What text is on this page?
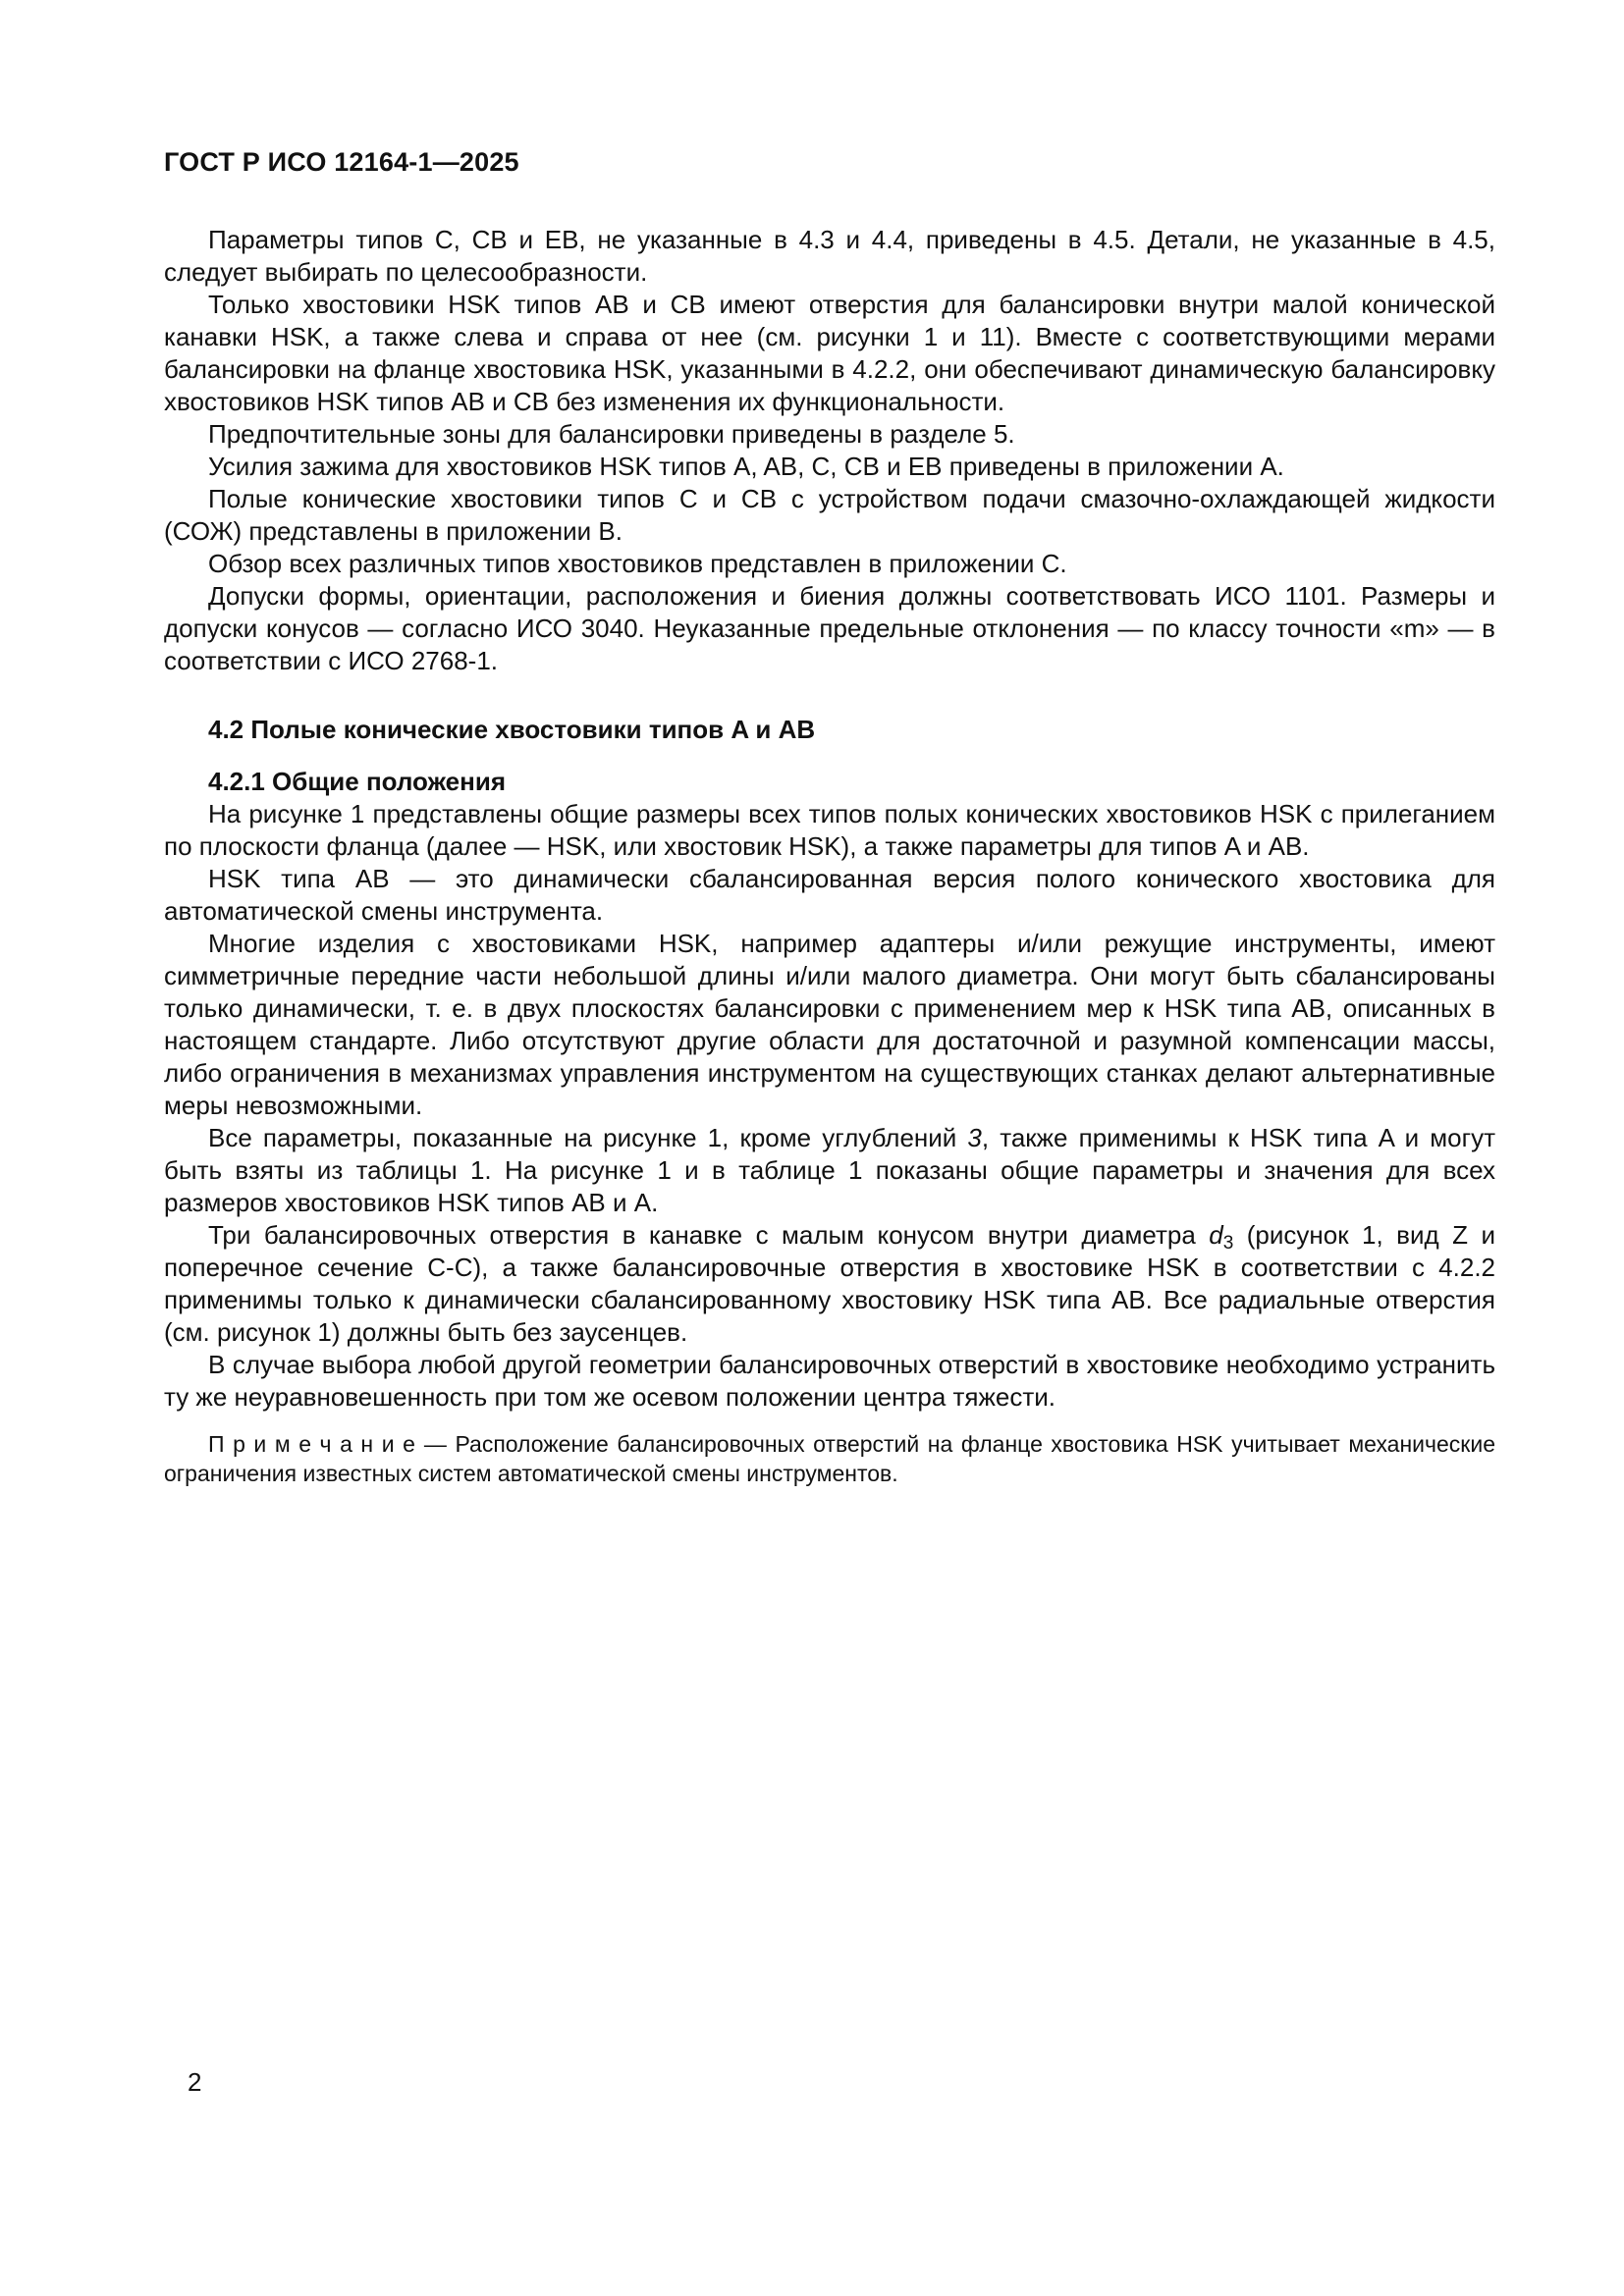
ГОСТ Р ИСО 12164-1—2025

Параметры типов C, CB и EB, не указанные в 4.3 и 4.4, приведены в 4.5. Детали, не указанные в 4.5, следует выбирать по целесообразности.

Только хвостовики HSK типов AB и CB имеют отверстия для балансировки внутри малой конической канавки HSK, а также слева и справа от нее (см. рисунки 1 и 11). Вместе с соответствующими мерами балансировки на фланце хвостовика HSK, указанными в 4.2.2, они обеспечивают динамическую балансировку хвостовиков HSK типов AB и CB без изменения их функциональности.

Предпочтительные зоны для балансировки приведены в разделе 5.

Усилия зажима для хвостовиков HSK типов A, AB, C, CB и EB приведены в приложении A.

Полые конические хвостовики типов C и CB с устройством подачи смазочно-охлаждающей жидкости (СОЖ) представлены в приложении B.

Обзор всех различных типов хвостовиков представлен в приложении C.

Допуски формы, ориентации, расположения и биения должны соответствовать ИСО 1101. Размеры и допуски конусов — согласно ИСО 3040. Неуказанные предельные отклонения — по классу точности «m» — в соответствии с ИСО 2768-1.

4.2 Полые конические хвостовики типов A и AB
4.2.1 Общие положения

На рисунке 1 представлены общие размеры всех типов полых конических хвостовиков HSK с прилеганием по плоскости фланца (далее — HSK, или хвостовик HSK), а также параметры для типов A и AB.

HSK типа AB — это динамически сбалансированная версия полого конического хвостовика для автоматической смены инструмента.

Многие изделия с хвостовиками HSK, например адаптеры и/или режущие инструменты, имеют симметричные передние части небольшой длины и/или малого диаметра. Они могут быть сбалансированы только динамически, т. е. в двух плоскостях балансировки с применением мер к HSK типа AB, описанных в настоящем стандарте. Либо отсутствуют другие области для достаточной и разумной компенсации массы, либо ограничения в механизмах управления инструментом на существующих станках делают альтернативные меры невозможными.

Все параметры, показанные на рисунке 1, кроме углублений 3, также применимы к HSK типа A и могут быть взяты из таблицы 1. На рисунке 1 и в таблице 1 показаны общие параметры и значения для всех размеров хвостовиков HSK типов AB и A.

Три балансировочных отверстия в канавке с малым конусом внутри диаметра $d_3$ (рисунок 1, вид Z и поперечное сечение C-C), а также балансировочные отверстия в хвостовике HSK в соответствии с 4.2.2 применимы только к динамически сбалансированному хвостовику HSK типа AB. Все радиальные отверстия (см. рисунок 1) должны быть без заусенцев.

В случае выбора любой другой геометрии балансировочных отверстий в хвостовике необходимо устранить ту же неуравновешенность при том же осевом положении центра тяжести.

П р и м е ч а н и е — Расположение балансировочных отверстий на фланце хвостовика HSK учитывает механические ограничения известных систем автоматической смены инструментов.

2
